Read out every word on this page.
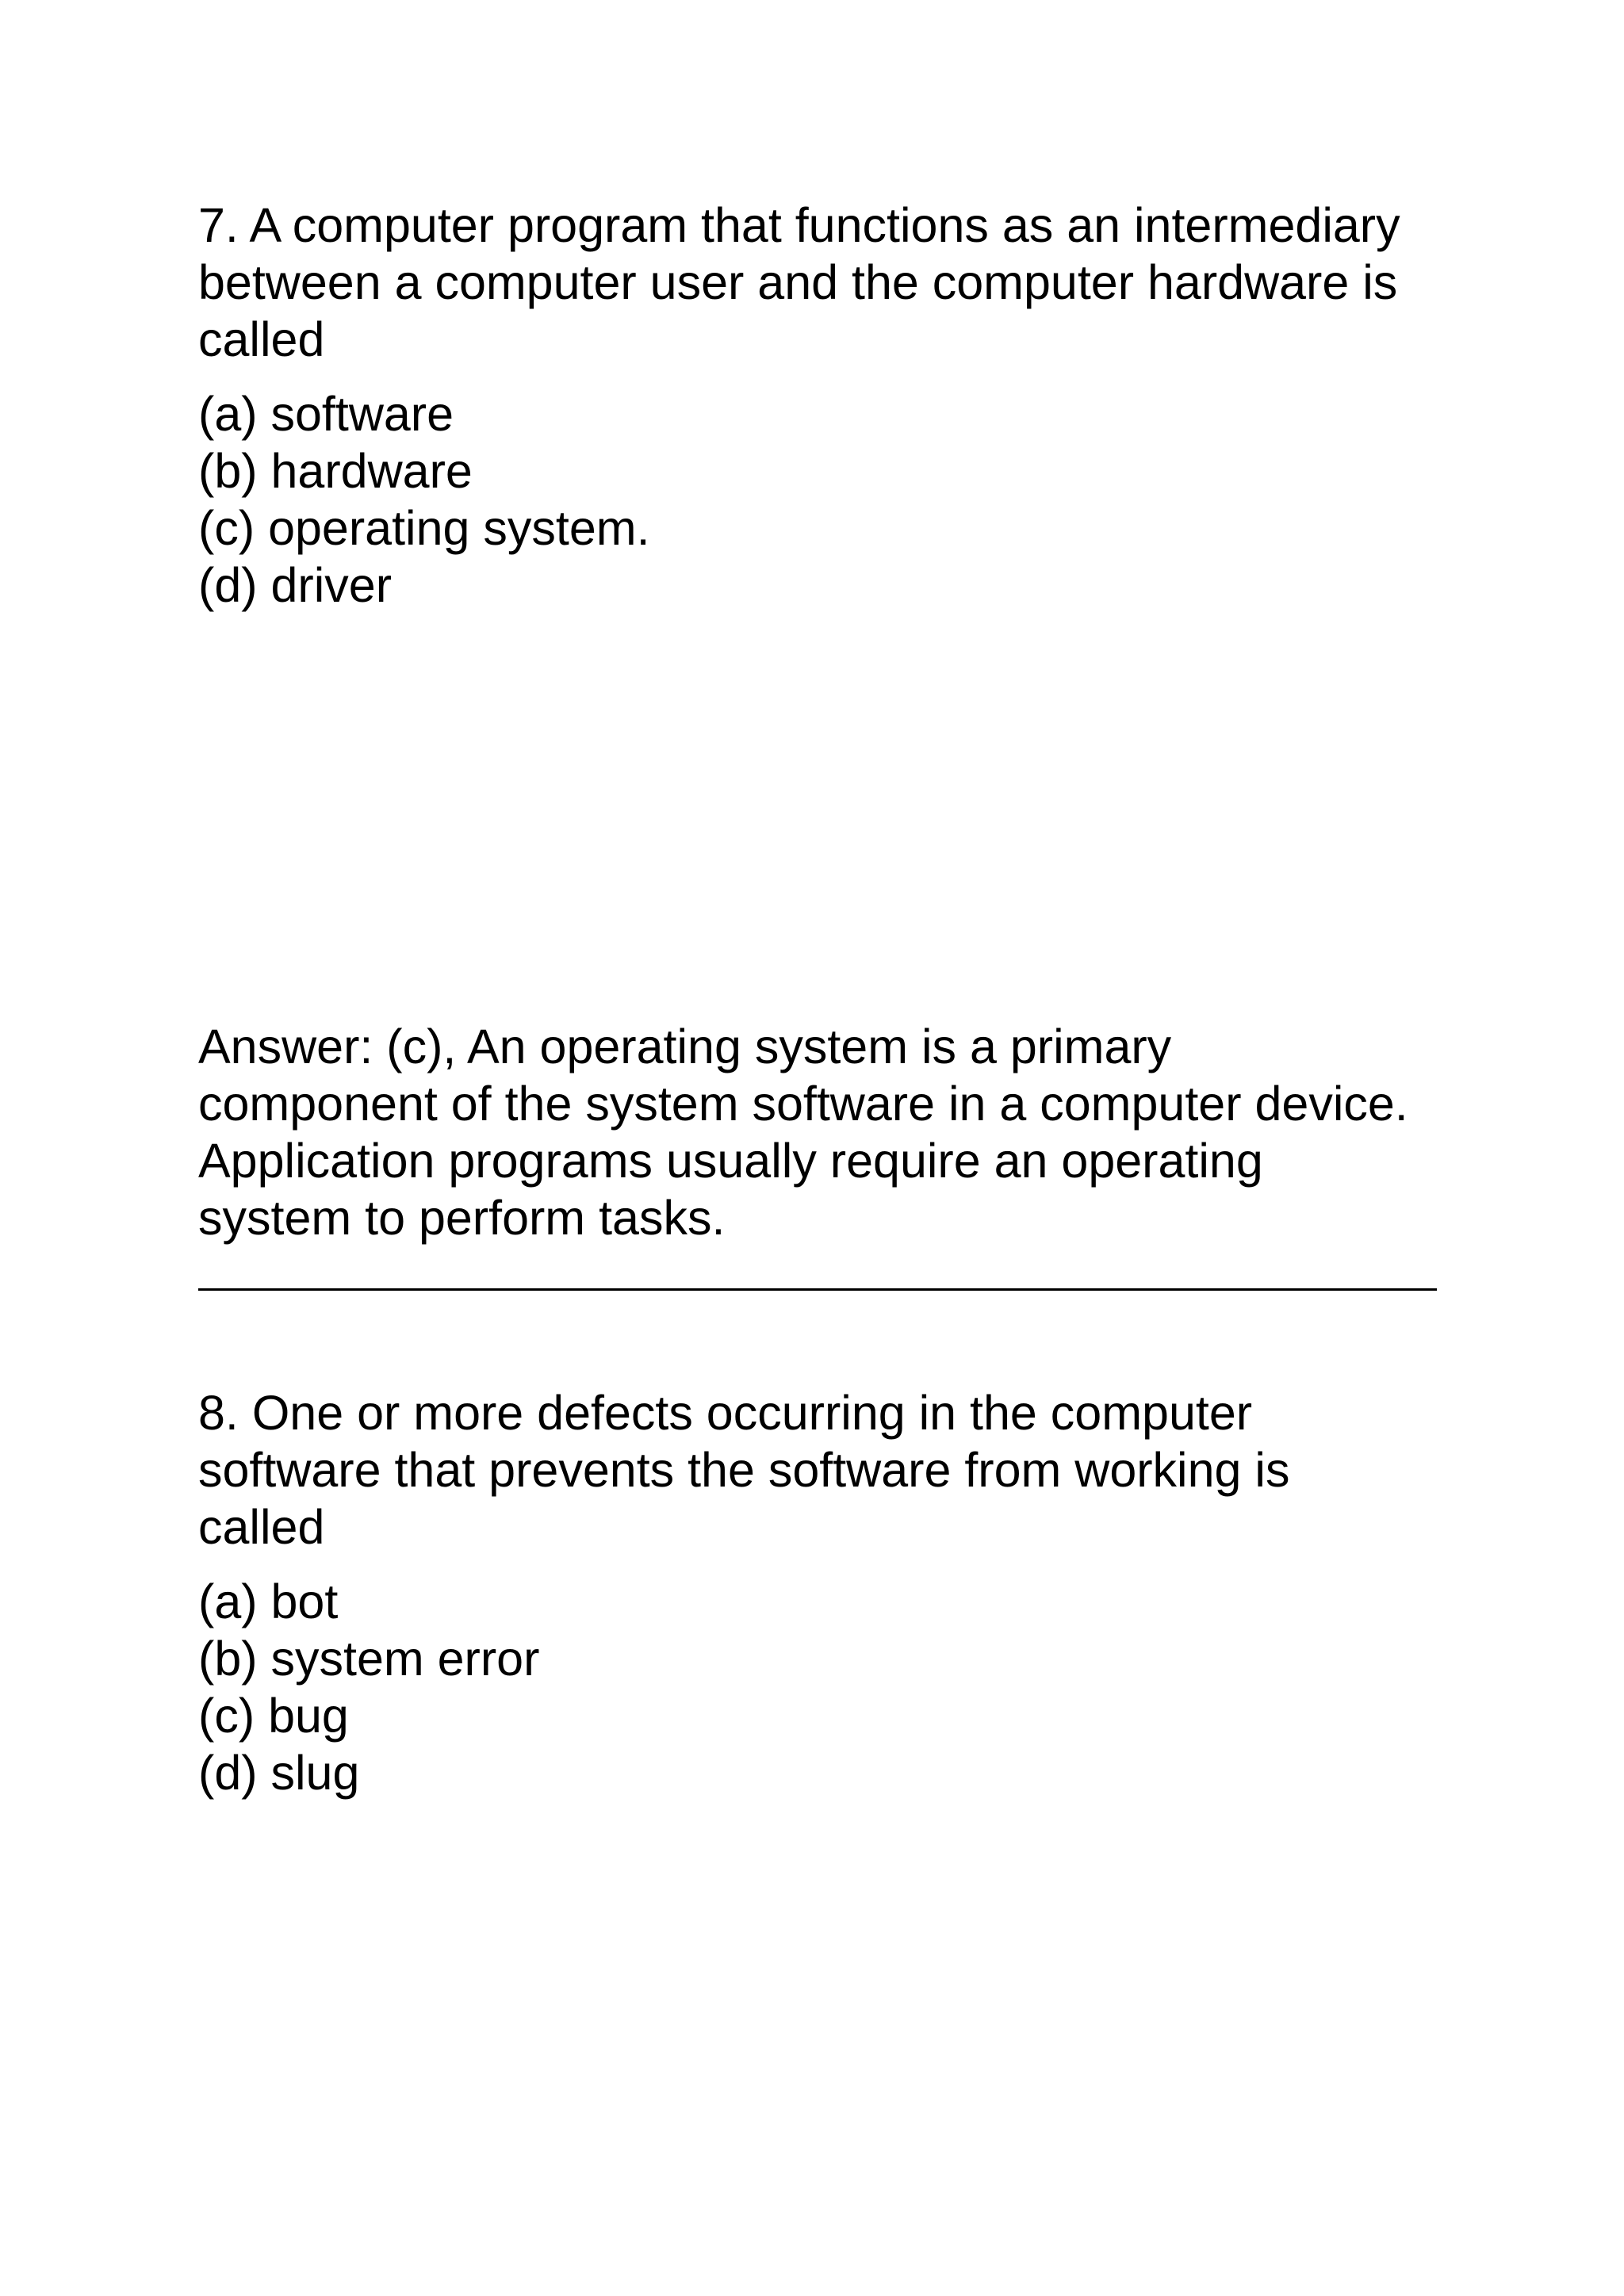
7. A computer program that functions as an intermediary

between a computer user and the computer hardware is

called

(a) software

(b) hardware

(c) operating system.

(d) driver

Answer: (c), An operating system is a primary

component of the system software in a computer device.

Application programs usually require an operating

system to perform tasks.

8. One or more defects occurring in the computer

software that prevents the software from working is

called

(a) bot

(b) system error

(c) bug

(d) slug
